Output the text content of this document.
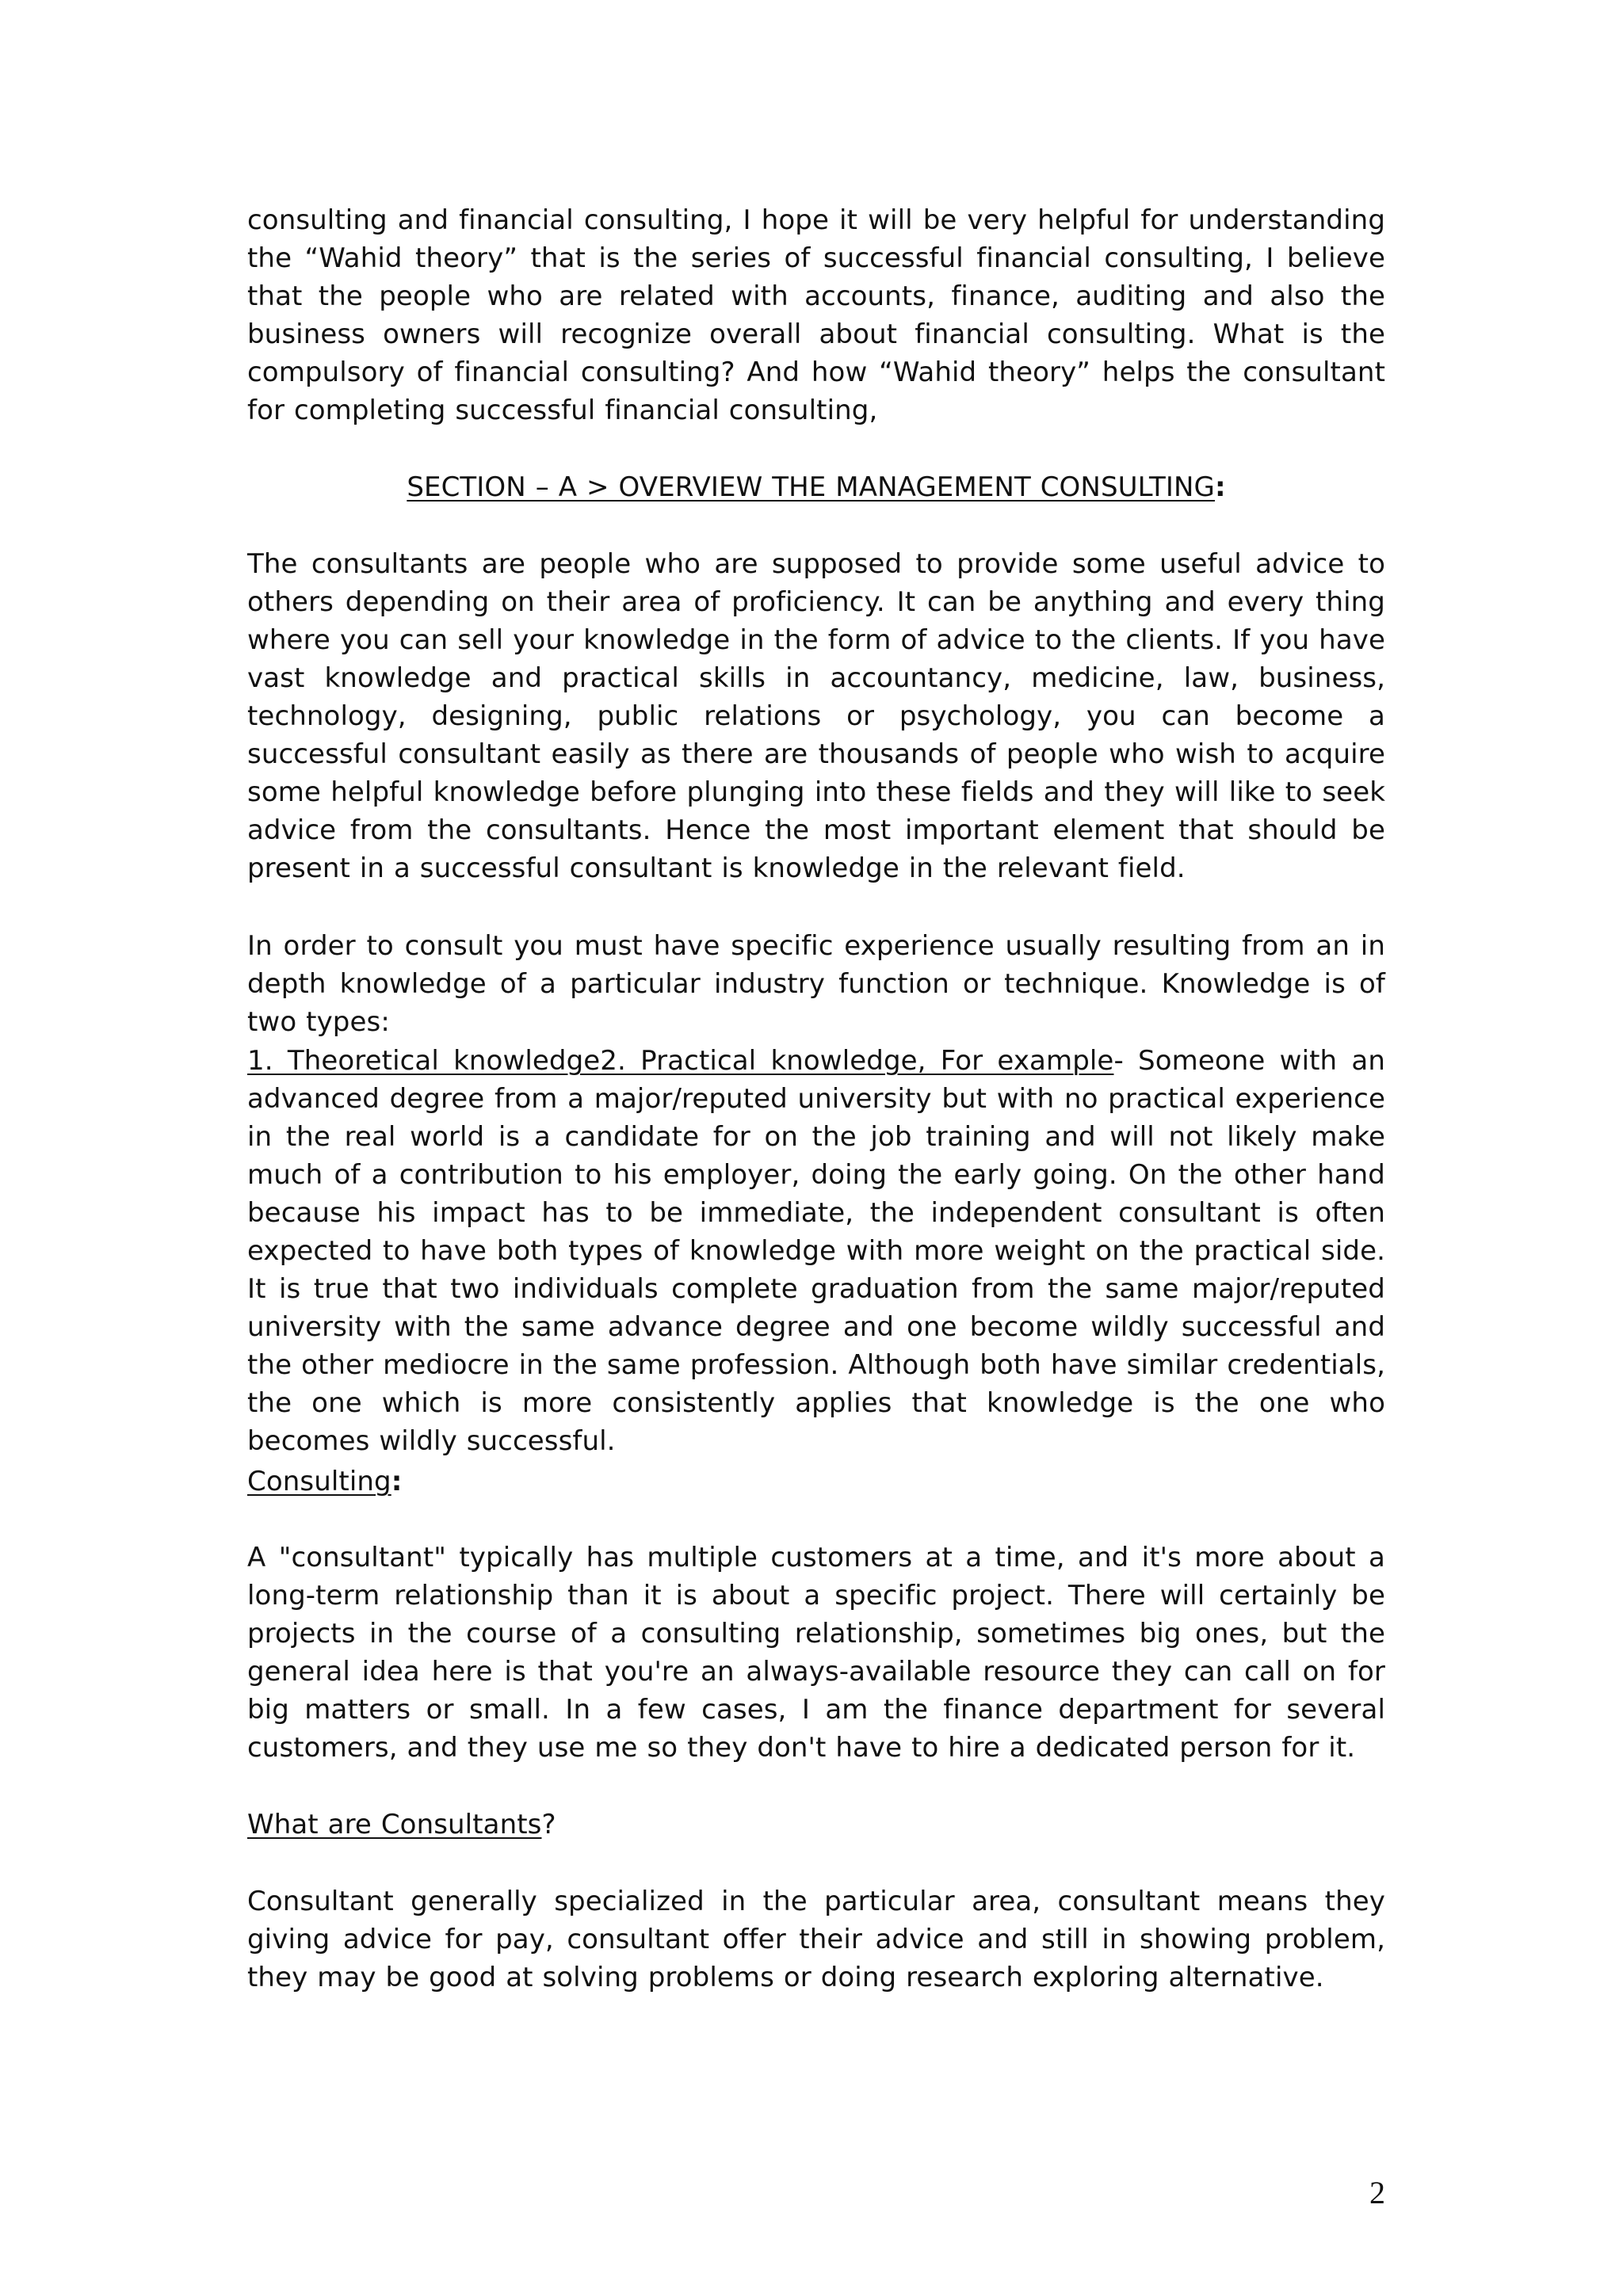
consulting and financial consulting, I hope it will be very helpful for understanding the “Wahid theory” that is the series of successful financial consulting, I believe that the people who are related with accounts, finance, auditing and also the business owners will recognize overall about financial consulting. What is the compulsory of financial consulting? And how “Wahid theory” helps the consultant for completing successful financial consulting,

SECTION – A > OVERVIEW THE MANAGEMENT CONSULTING:

The consultants are people who are supposed to provide some useful advice to others depending on their area of proficiency. It can be anything and every thing where you can sell your knowledge in the form of advice to the clients. If you have vast knowledge and practical skills in accountancy, medicine, law, business, technology, designing, public relations or psychology, you can become a successful consultant easily as there are thousands of people who wish to acquire some helpful knowledge before plunging into these fields and they will like to seek advice from the consultants. Hence the most important element that should be present in a successful consultant is knowledge in the relevant field.

In order to consult you must have specific experience usually resulting from an in depth knowledge of a particular industry function or technique. Knowledge is of two types:

1. Theoretical knowledge2. Practical knowledge, For example- Someone with an advanced degree from a major/reputed university but with no practical experience in the real world is a candidate for on the job training and will not likely make much of a contribution to his employer, doing the early going. On the other hand because his impact has to be immediate, the independent consultant is often expected to have both types of knowledge with more weight on the practical side. It is true that two individuals complete graduation from the same major/reputed university with the same advance degree and one become wildly successful and the other mediocre in the same profession. Although both have similar credentials, the one which is more consistently applies that knowledge is the one who becomes wildly successful.

Consulting:

A "consultant" typically has multiple customers at a time, and it's more about a long-term relationship than it is about a specific project. There will certainly be projects in the course of a consulting relationship, sometimes big ones, but the general idea here is that you're an always-available resource they can call on for big matters or small. In a few cases, I am the finance department for several customers, and they use me so they don't have to hire a dedicated person for it.

What are Consultants?

Consultant generally specialized in the particular area, consultant means they giving advice for pay, consultant offer their advice and still in showing problem, they may be good at solving problems or doing research exploring alternative.

2
